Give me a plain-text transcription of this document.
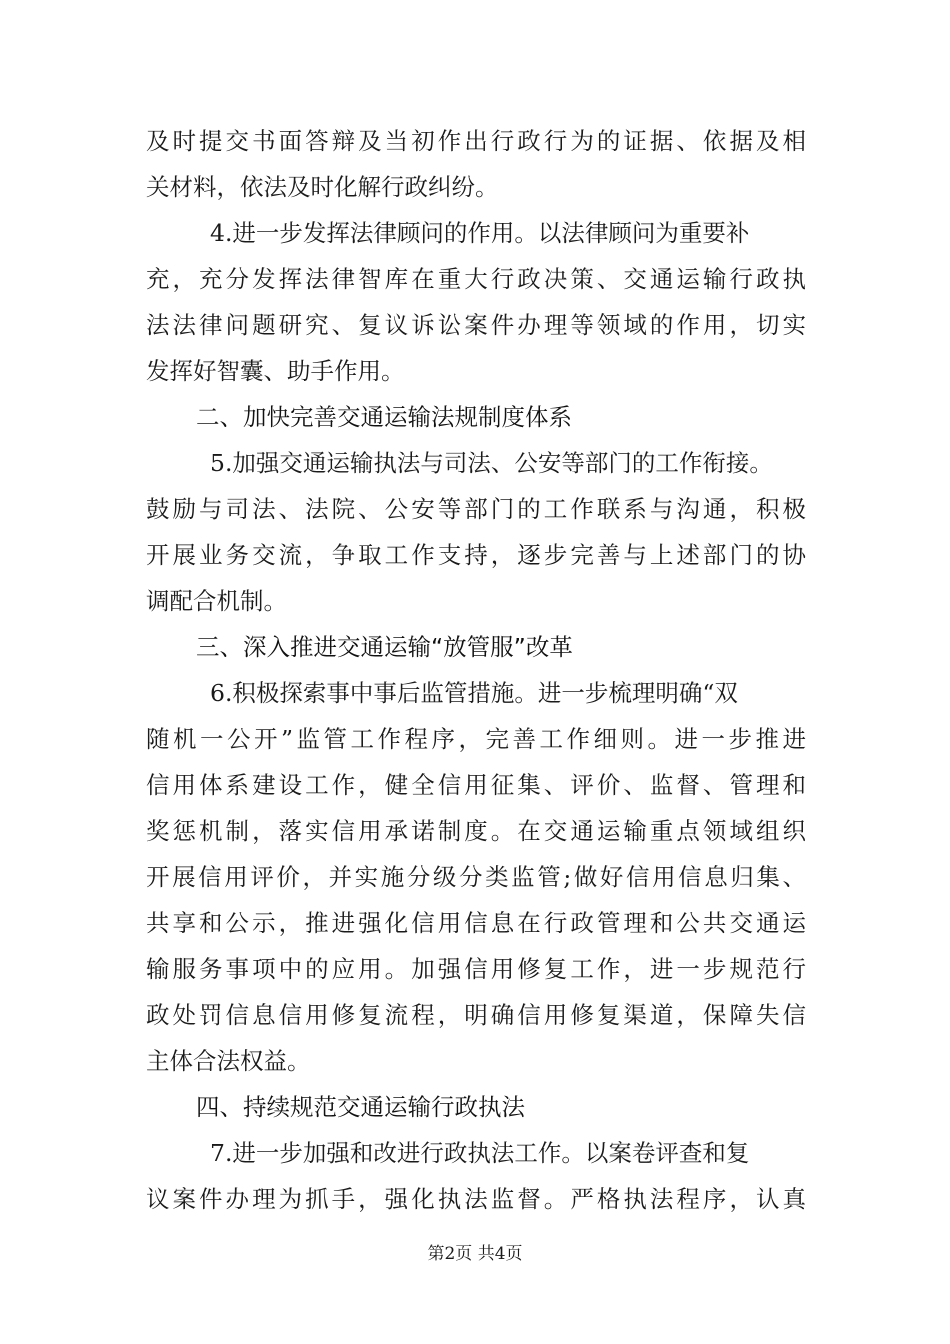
及时提交书面答辩及当初作出行政行为的证据、依据及相
关材料，依法及时化解行政纠纷。
4.进一步发挥法律顾问的作用。以法律顾问为重要补
充，充分发挥法律智库在重大行政决策、交通运输行政执
法法律问题研究、复议诉讼案件办理等领域的作用，切实
发挥好智囊、助手作用。
二、加快完善交通运输法规制度体系
5.加强交通运输执法与司法、公安等部门的工作衔接。
鼓励与司法、法院、公安等部门的工作联系与沟通，积极
开展业务交流，争取工作支持，逐步完善与上述部门的协
调配合机制。
三、深入推进交通运输“放管服”改革
6.积极探索事中事后监管措施。进一步梳理明确“双
随机一公开”监管工作程序，完善工作细则。进一步推进
信用体系建设工作，健全信用征集、评价、监督、管理和
奖惩机制，落实信用承诺制度。在交通运输重点领域组织
开展信用评价，并实施分级分类监管;做好信用信息归集、
共享和公示，推进强化信用信息在行政管理和公共交通运
输服务事项中的应用。加强信用修复工作，进一步规范行
政处罚信息信用修复流程，明确信用修复渠道，保障失信
主体合法权益。
四、持续规范交通运输行政执法
7.进一步加强和改进行政执法工作。以案卷评查和复
议案件办理为抓手，强化执法监督。严格执法程序，认真
第2页 共4页
